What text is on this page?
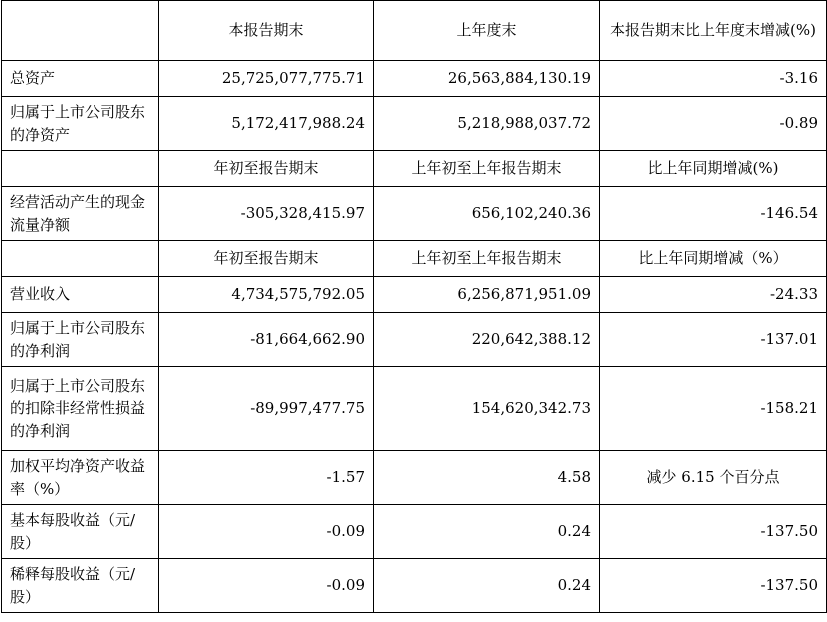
	本报告期末	上年度末	本报告期末比上年度末增减(%)
总资产	25,725,077,775.71	26,563,884,130.19	-3.16
归属于上市公司股东的净资产	5,172,417,988.24	5,218,988,037.72	-0.89
	年初至报告期末	上年初至上年报告期末	比上年同期增减(%)
经营活动产生的现金流量净额	-305,328,415.97	656,102,240.36	-146.54
	年初至报告期末	上年初至上年报告期末	比上年同期增减（%）
营业收入	4,734,575,792.05	6,256,871,951.09	-24.33
归属于上市公司股东的净利润	-81,664,662.90	220,642,388.12	-137.01
归属于上市公司股东的扣除非经常性损益的净利润	-89,997,477.75	154,620,342.73	-158.21
加权平均净资产收益率（%）	-1.57	4.58	减少 6.15 个百分点
基本每股收益（元/股）	-0.09	0.24	-137.50
稀释每股收益（元/股）	-0.09	0.24	-137.50
